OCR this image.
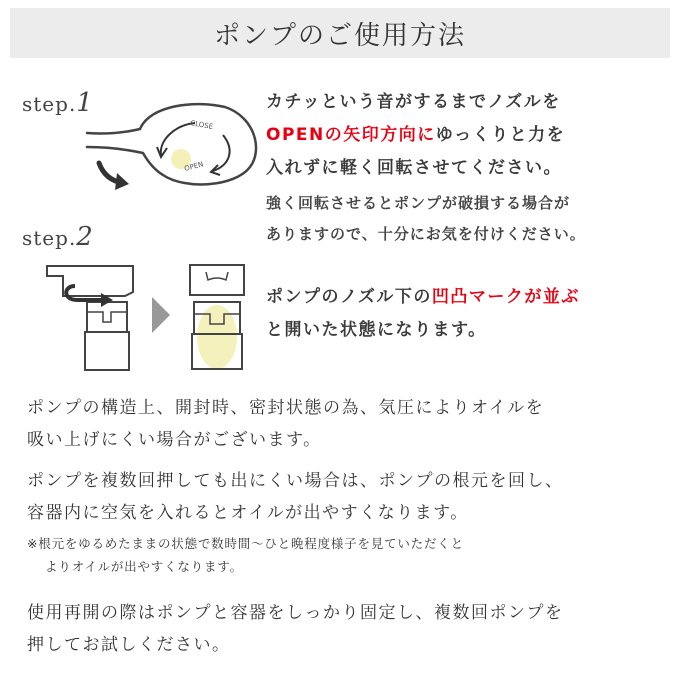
ポンプのご使用方法
step.1
CLOSE
OPEN
step.2
カチッという音がするまでノズルを
OPENの矢印方向にゆっくりと力を
入れずに軽く回転させてください。
強く回転させるとポンプが破損する場合が
ありますので、十分にお気を付けください。
ポンプのノズル下の凹凸マークが並ぶ
と開いた状態になります。
ポンプの構造上、開封時、密封状態の為、気圧によりオイルを
吸い上げにくい場合がございます。
ポンプを複数回押しても出にくい場合は、ポンプの根元を回し、
容器内に空気を入れるとオイルが出やすくなります。
※根元をゆるめたままの状態で数時間〜ひと晩程度様子を見ていただくと
よりオイルが出やすくなります。
使用再開の際はポンプと容器をしっかり固定し、複数回ポンプを
押してお試しください。
